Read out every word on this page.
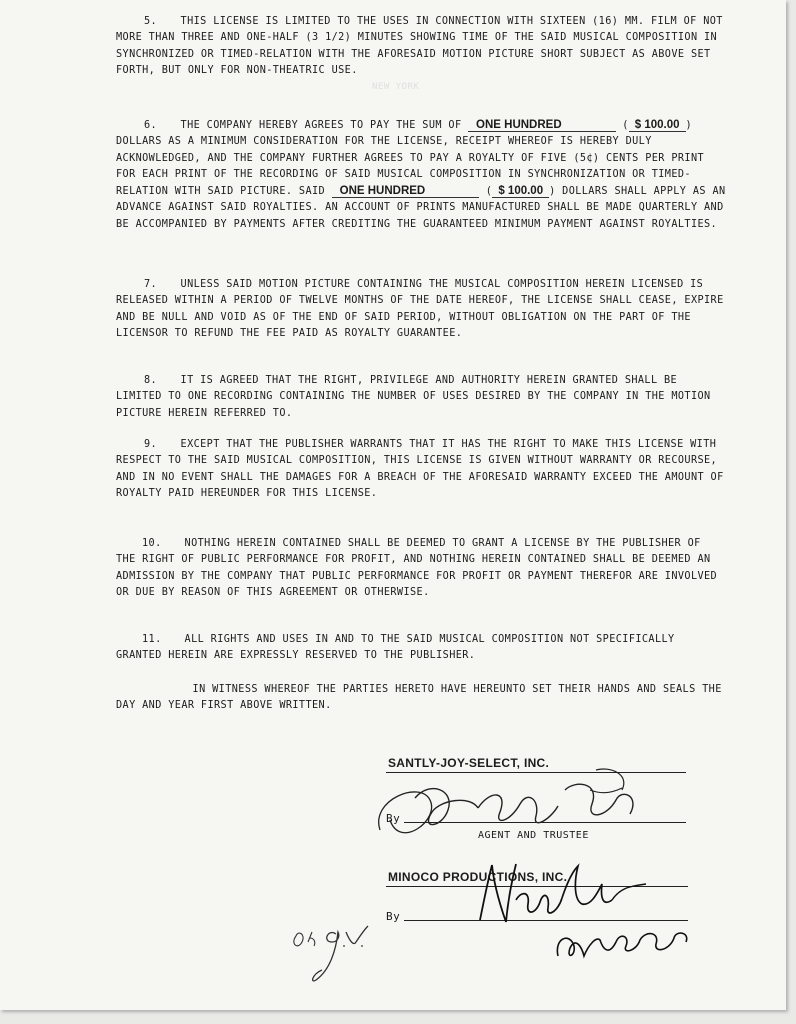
NEW YORK

5. THIS LICENSE IS LIMITED TO THE USES IN CONNECTION WITH SIXTEEN (16) MM. FILM OF NOT MORE THAN THREE AND ONE-HALF (3 1/2) MINUTES SHOWING TIME OF THE SAID MUSICAL COMPOSITION IN SYNCHRONIZED OR TIMED-RELATION WITH THE AFORESAID MOTION PICTURE SHORT SUBJECT AS ABOVE SET FORTH, BUT ONLY FOR NON-THEATRIC USE.

6. THE COMPANY HEREBY AGREES TO PAY THE SUM OF ONE HUNDRED	( $ 100.00 ) DOLLARS AS A MINIMUM CONSIDERATION FOR THE LICENSE, RECEIPT WHEREOF IS HEREBY DULY ACKNOWLEDGED, AND THE COMPANY FURTHER AGREES TO PAY A ROYALTY OF FIVE (5¢) CENTS PER PRINT FOR EACH PRINT OF THE RECORDING OF SAID MUSICAL COMPOSITION IN SYNCHRONIZATION OR TIMED-RELATION WITH SAID PICTURE. SAID ONE HUNDRED	( $ 100.00 ) DOLLARS SHALL APPLY AS AN ADVANCE AGAINST SAID ROYALTIES. AN ACCOUNT OF PRINTS MANUFACTURED SHALL BE MADE QUARTERLY AND BE ACCOMPANIED BY PAYMENTS AFTER CREDITING THE GUARANTEED MINIMUM PAYMENT AGAINST ROYALTIES.

7. UNLESS SAID MOTION PICTURE CONTAINING THE MUSICAL COMPOSITION HEREIN LICENSED IS RELEASED WITHIN A PERIOD OF TWELVE MONTHS OF THE DATE HEREOF, THE LICENSE SHALL CEASE, EXPIRE AND BE NULL AND VOID AS OF THE END OF SAID PERIOD, WITHOUT OBLIGATION ON THE PART OF THE LICENSOR TO REFUND THE FEE PAID AS ROYALTY GUARANTEE.

8. IT IS AGREED THAT THE RIGHT, PRIVILEGE AND AUTHORITY HEREIN GRANTED SHALL BE LIMITED TO ONE RECORDING CONTAINING THE NUMBER OF USES DESIRED BY THE COMPANY IN THE MOTION PICTURE HEREIN REFERRED TO.

9. EXCEPT THAT THE PUBLISHER WARRANTS THAT IT HAS THE RIGHT TO MAKE THIS LICENSE WITH RESPECT TO THE SAID MUSICAL COMPOSITION, THIS LICENSE IS GIVEN WITHOUT WARRANTY OR RECOURSE, AND IN NO EVENT SHALL THE DAMAGES FOR A BREACH OF THE AFORESAID WARRANTY EXCEED THE AMOUNT OF ROYALTY PAID HEREUNDER FOR THIS LICENSE.

10. NOTHING HEREIN CONTAINED SHALL BE DEEMED TO GRANT A LICENSE BY THE PUBLISHER OF THE RIGHT OF PUBLIC PERFORMANCE FOR PROFIT, AND NOTHING HEREIN CONTAINED SHALL BE DEEMED AN ADMISSION BY THE COMPANY THAT PUBLIC PERFORMANCE FOR PROFIT OR PAYMENT THEREFOR ARE INVOLVED OR DUE BY REASON OF THIS AGREEMENT OR OTHERWISE.

11. ALL RIGHTS AND USES IN AND TO THE SAID MUSICAL COMPOSITION NOT SPECIFICALLY GRANTED HEREIN ARE EXPRESSLY RESERVED TO THE PUBLISHER.

IN WITNESS WHEREOF THE PARTIES HERETO HAVE HEREUNTO SET THEIR HANDS AND SEALS THE DAY AND YEAR FIRST ABOVE WRITTEN.

SANTLY-JOY-SELECT, INC.
By
AGENT AND TRUSTEE
MINOCO PRODUCTIONS, INC.
By
